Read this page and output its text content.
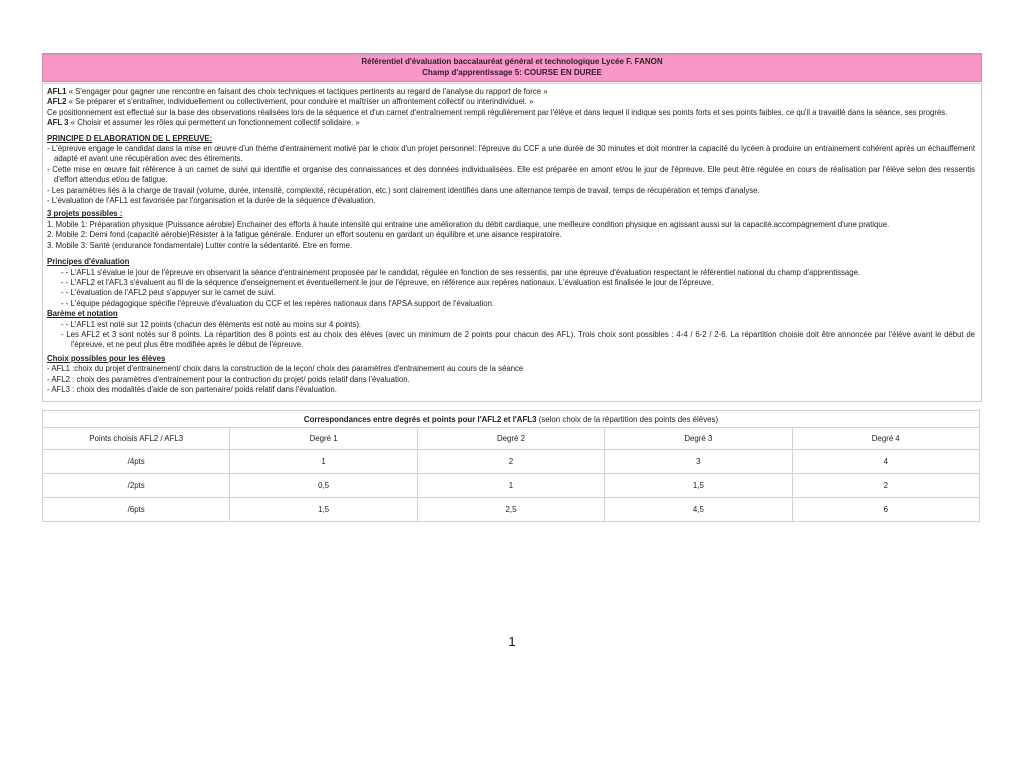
Référentiel d'évaluation baccalauréat général et technologique Lycée F. FANON
Champ d'apprentissage 5: COURSE EN DUREE

AFL1 « S'engager pour gagner une rencontre en faisant des choix techniques et tactiques pertinents au regard de l'analyse du rapport de force »

AFL2 « Se préparer et s'entraîner, individuellement ou collectivement, pour conduire et maîtriser un affrontement collectif ou interindividuel. »

Ce positionnement est effectué sur la base des observations réalisées lors de la séquence et d'un carnet d'entraînement rempli régulièrement par l'élève et dans lequel il indique ses points forts et ses points faibles, ce qu'il a travaillé dans la séance, ses progrès.

AFL 3 « Choisir et assumer les rôles qui permettent un fonctionnement collectif solidaire. »

PRINCIPE D ELABORATION DE L EPREUVE:

- L'épreuve engage le candidat dans la mise en œuvre d'un thème d'entrainement motivé par le choix d'un projet personnel: l'épreuve du CCF a une durée de 30 minutes et doit montrer la capacité du lycéen à produire un entrainement cohérent après un échauffement adapté et avant une récupération avec des étirements.

- Cette mise en œuvre fait référence à un carnet de suivi qui identifie et organise des connaissances et des données individualisées. Elle est préparée en amont et/ou le jour de l'épreuve. Elle peut être régulée en cours de réalisation par l'élève selon des ressentis d'effort attendus et/ou de fatigue.

- Les paramètres liés à la charge de travail (volume, durée, intensité, complexité, récupération, etc.) sont clairement identifiés dans une alternance temps de travail, temps de récupération et temps d'analyse.

- L'évaluation de l'AFL1 est favorisée par l'organisation et la durée de la séquence d'évaluation.

3 projets possibles :

1. Mobile 1: Préparation physique (Puissance aérobie) Enchainer des efforts à haute intensité qui entraine une amélioration du débit cardiaque, une meilleure condition physique en agissant aussi sur la capacité.accompagnement d'une pratique.

2. Mobile 2: Demi fond (capacité aérobie)Résister à la fatigue générale. Endurer un effort soutenu en gardant un équilibre et une aisance respiratoire.

3. Mobile 3: Santé (endurance fondamentale) Lutter contre la sédentarité. Etre en forme.

Principes d'évaluation

- - L'AFL1 s'évalue le jour de l'épreuve en observant la séance d'entrainement proposée par le candidat, régulée en fonction de ses ressentis, par une épreuve d'évaluation respectant le référentiel national du champ d'apprentissage.

- - L'AFL2 et l'AFL3 s'évaluent au fil de la séquence d'enseignement et éventuellement le jour de l'épreuve, en référence aux repères nationaux. L'évaluation est finalisée le jour de l'épreuve.

- - L'évaluation de l'AFL2 peut s'appuyer sur le carnet de suivi.

- - L'équipe pédagogique spécifie l'épreuve d'évaluation du CCF et les repères nationaux dans l'APSA support de l'évaluation.

Barème et notation

- - L'AFL1 est noté sur 12 points (chacun des éléments est noté au moins sur 4 points).

- Les AFL2 et 3 sont notés sur 8 points. La répartition des 8 points est au choix des élèves (avec un minimum de 2 points pour chacun des AFL). Trois choix sont possibles : 4-4 / 6-2 / 2-6. La répartition choisie doit être annoncée par l'élève avant le début de l'épreuve, et ne peut plus être modifiée après le début de l'épreuve.

Choix possibles pour les élèves

- AFL1 :choix du projet d'entrainement/ choix dans la construction de la leçon/ choix des paramètres d'entrainement au cours de la séance

- AFL2 : choix des paramètres d'entrainement pour la contruction du projet/ poids relatif dans l'évaluation.

- AFL3 : choix des modalités d'aide de son partenaire/ poids relatif dans l'évaluation.

Correspondances entre degrés et points pour l'AFL2 et l'AFL3 (selon choix de la répartition des points des élèves)				
Points choisis AFL2 / AFL3	Degré 1	Degré 2	Degré 3	Degré 4
/4pts	1	2	3	4
/2pts	0,5	1	1,5	2
/6pts	1,5	2,5	4,5	6
1
